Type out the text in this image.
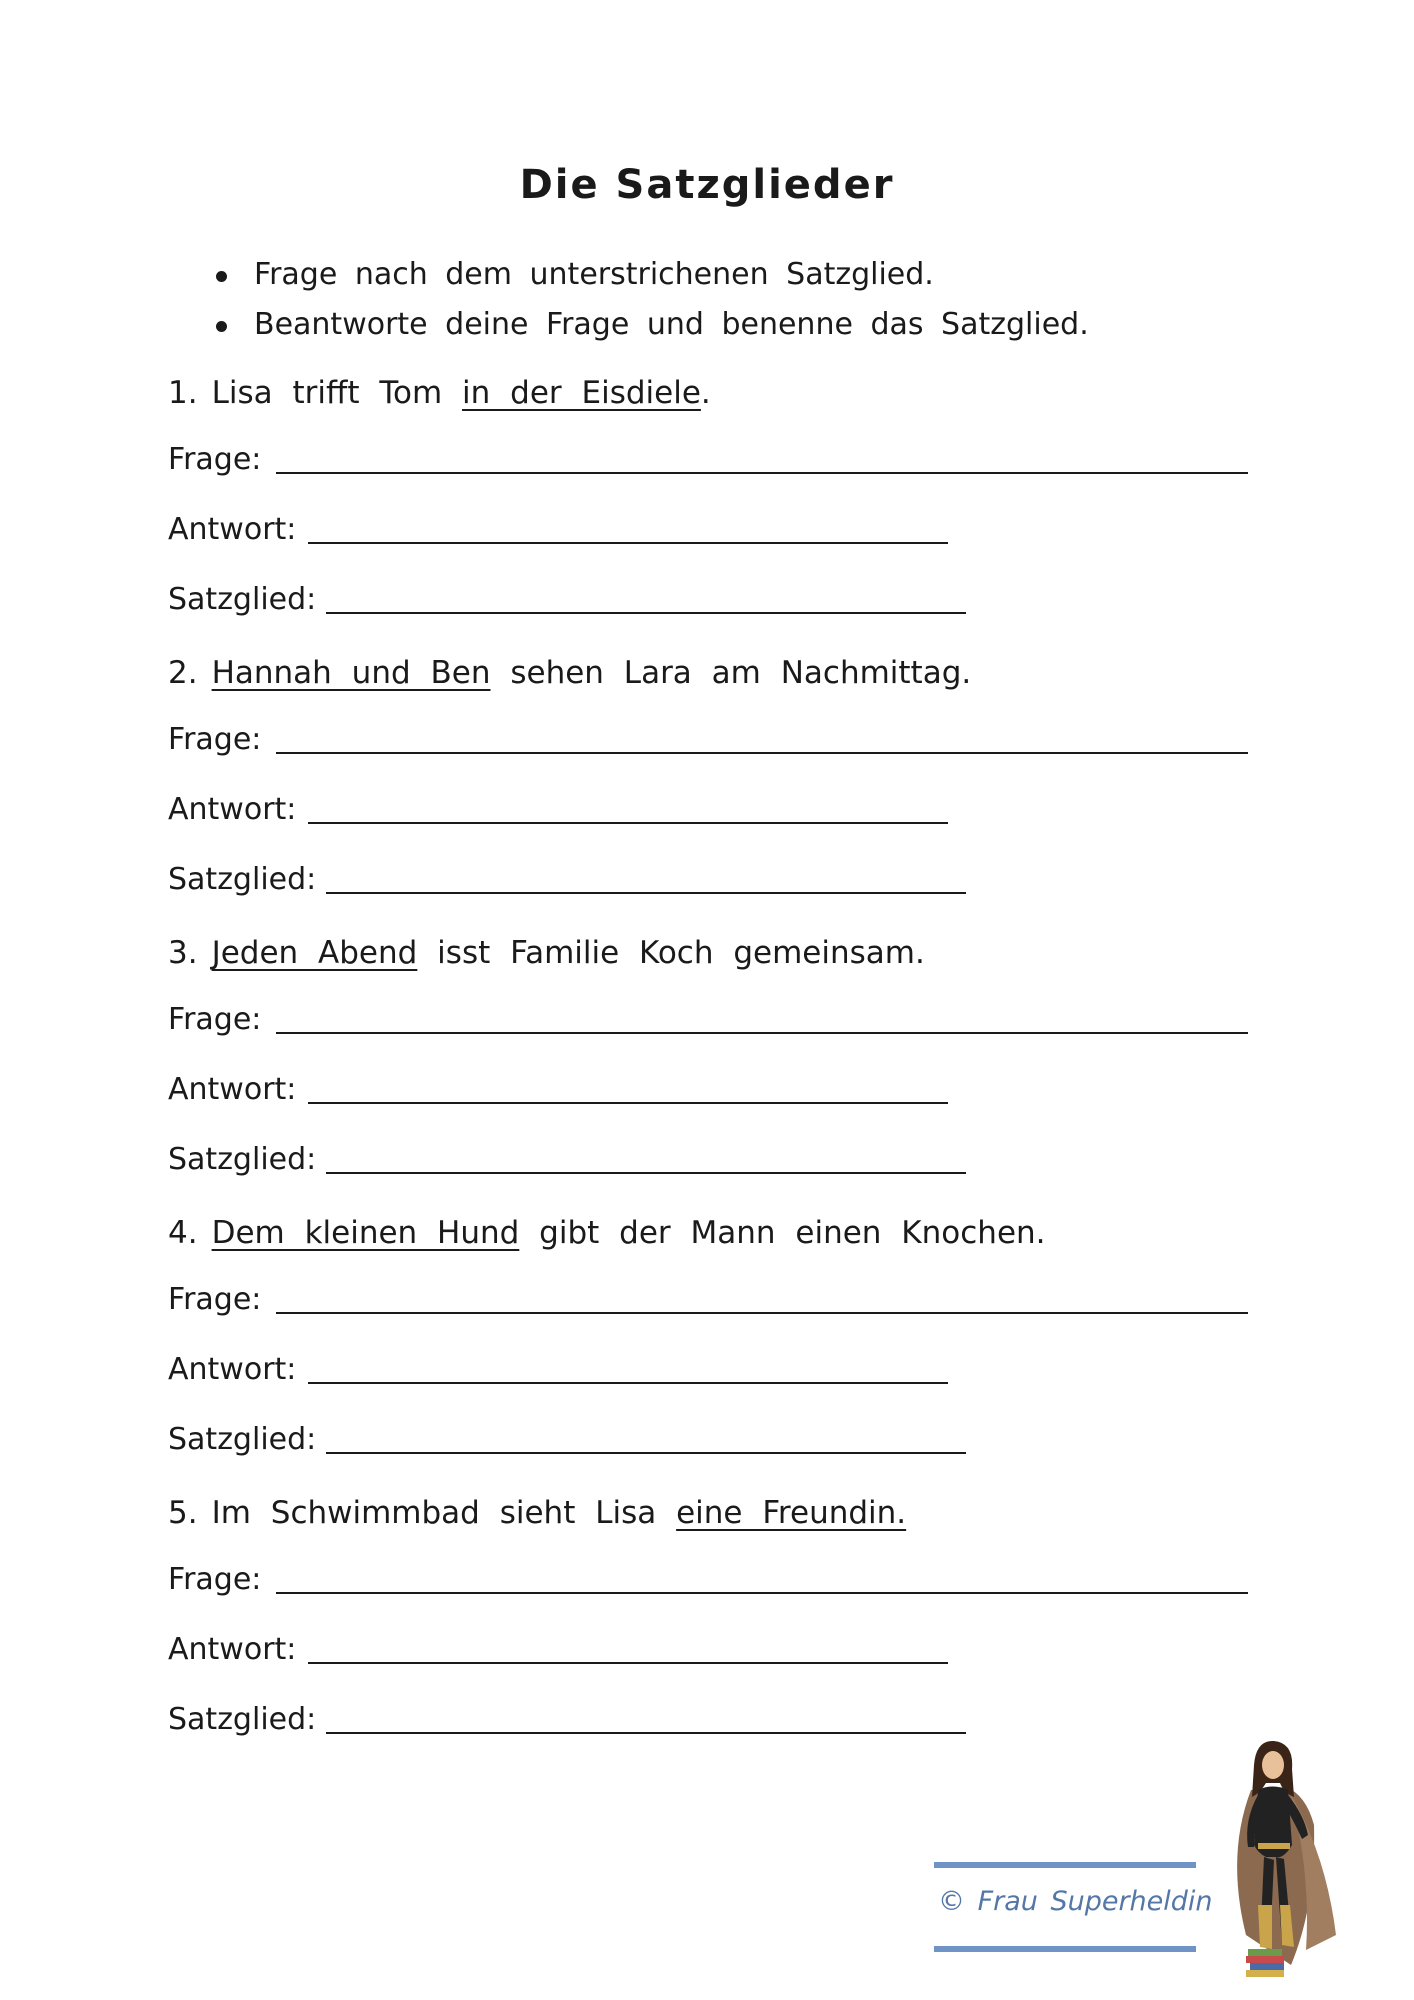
Die Satzglieder
Frage nach dem unterstrichenen Satzglied.
Beantworte deine Frage und benenne das Satzglied.
1. Lisa trifft Tom in der Eisdiele.
Frage:
Antwort:
Satzglied:
2. Hannah und Ben sehen Lara am Nachmittag.
Frage:
Antwort:
Satzglied:
3. Jeden Abend isst Familie Koch gemeinsam.
Frage:
Antwort:
Satzglied:
4. Dem kleinen Hund gibt der Mann einen Knochen.
Frage:
Antwort:
Satzglied:
5. Im Schwimmbad sieht Lisa eine Freundin.
Frage:
Antwort:
Satzglied:
© Frau Superheldin
